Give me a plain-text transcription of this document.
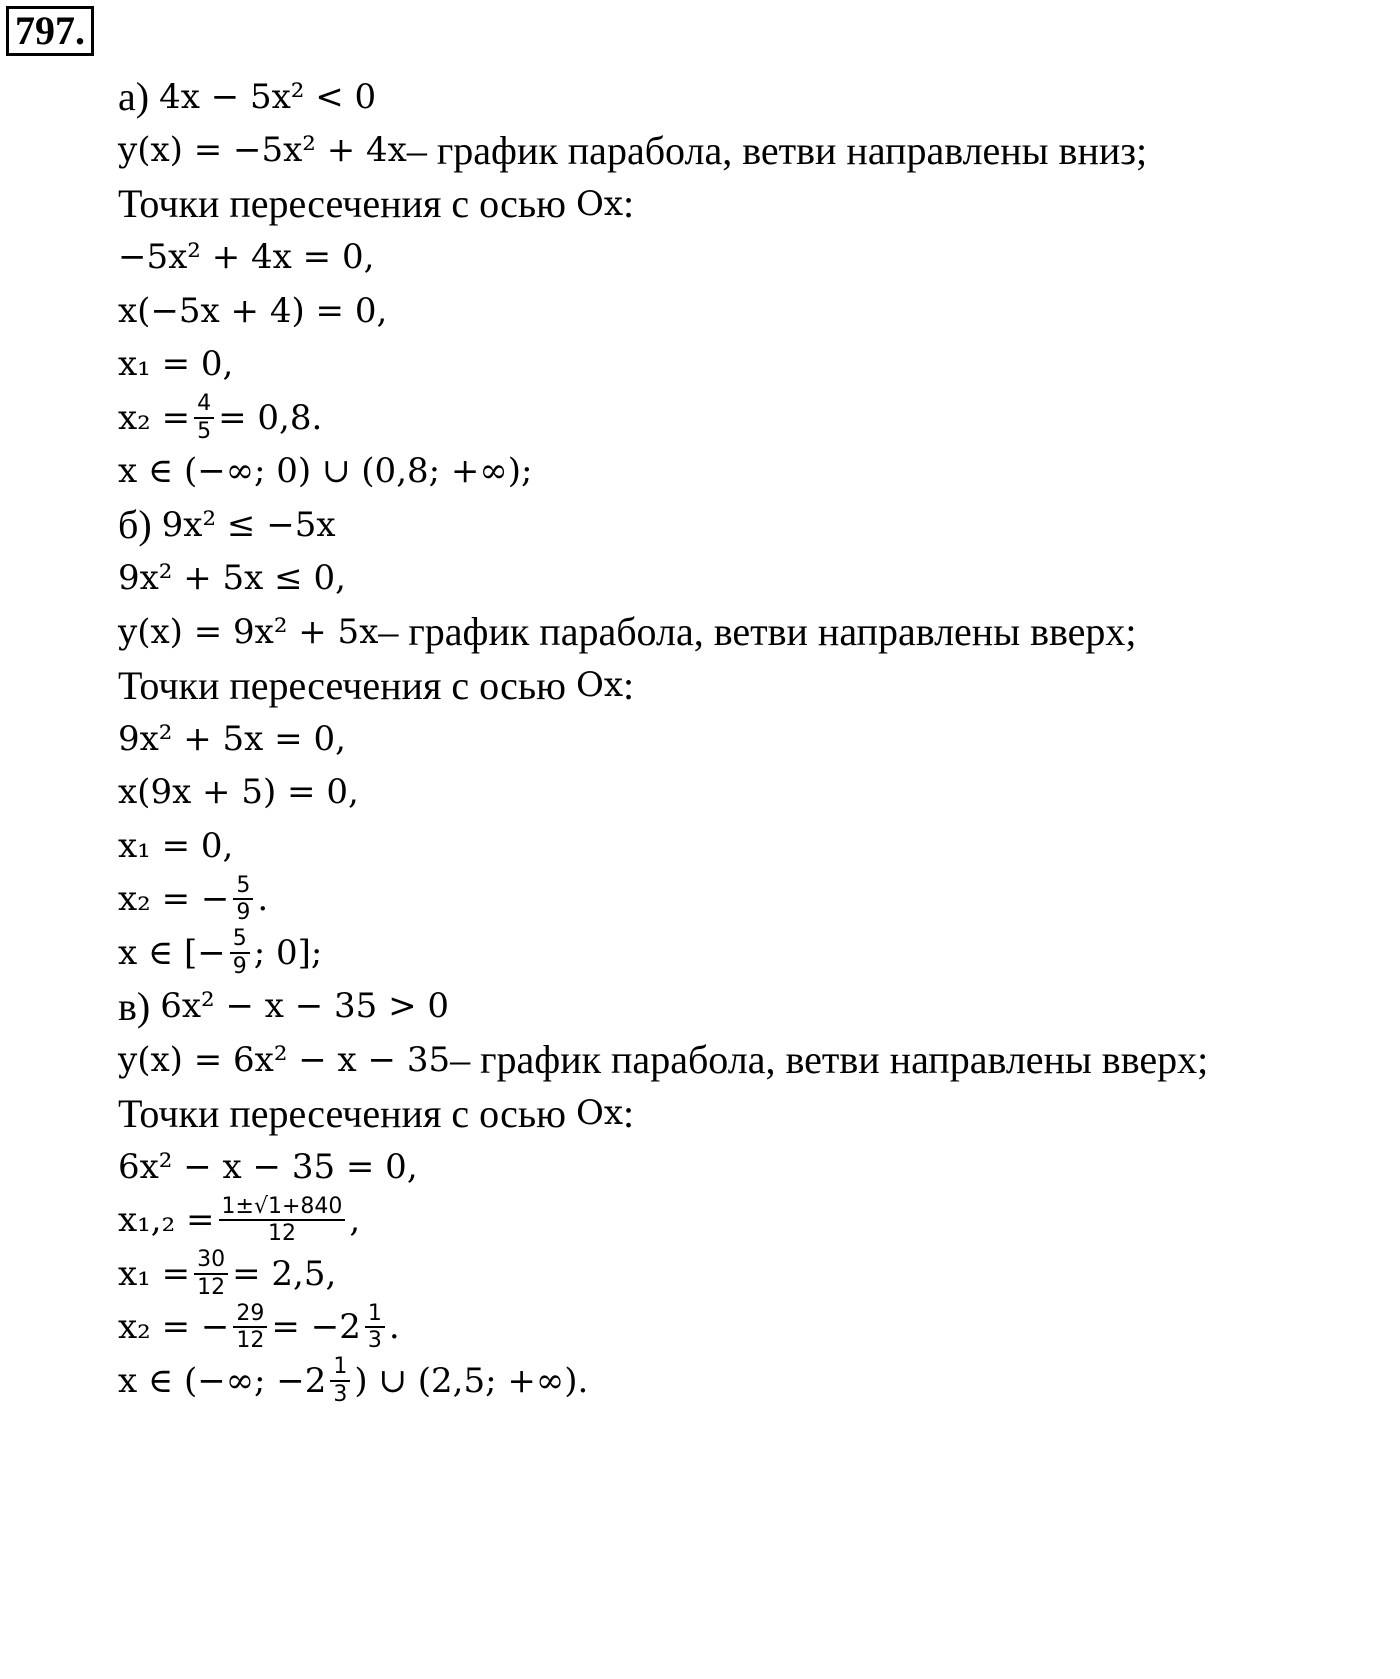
797.
а)
4x − 5x² < 0
y(x) = −5x² + 4x – график парабола, ветви направлены вниз;
Точки пересечения с осью
Ox :
−5x² + 4x = 0,
x(−5x + 4) = 0,
x₁ = 0,
$x_2 = \frac{4}{5} = 0,8$.
x ∈ (−∞; 0) ∪ (0,8; +∞);
б)
9x² ≤ −5x
9x² + 5x ≤ 0,
y(x) = 9x² + 5x – график парабола, ветви направлены вверх;
Точки пересечения с осью
Ox :
9x² + 5x = 0,
x(9x + 5) = 0,
x₁ = 0,
x₂ = − $\frac{5}{9}$ .
x ∈ [− $\frac{5}{9}$ ; 0];
в)
6x² − x − 35 > 0
y(x) = 6x² − x − 35 – график парабола, ветви направлены вверх;
Точки пересечения с осью
Ox :
6x² − x − 35 = 0,
$x_1,_2 = \frac{1\pm√1+840}{12}$ ,
$x_1 = \frac{30}{12} = 2,5$,
x₂ = − $\frac{29}{12} = -2 \frac{1}{3}$ .
x ∈ (−∞; $-2 \frac{1}{3}$ ) ∪ (2,5; +∞).
